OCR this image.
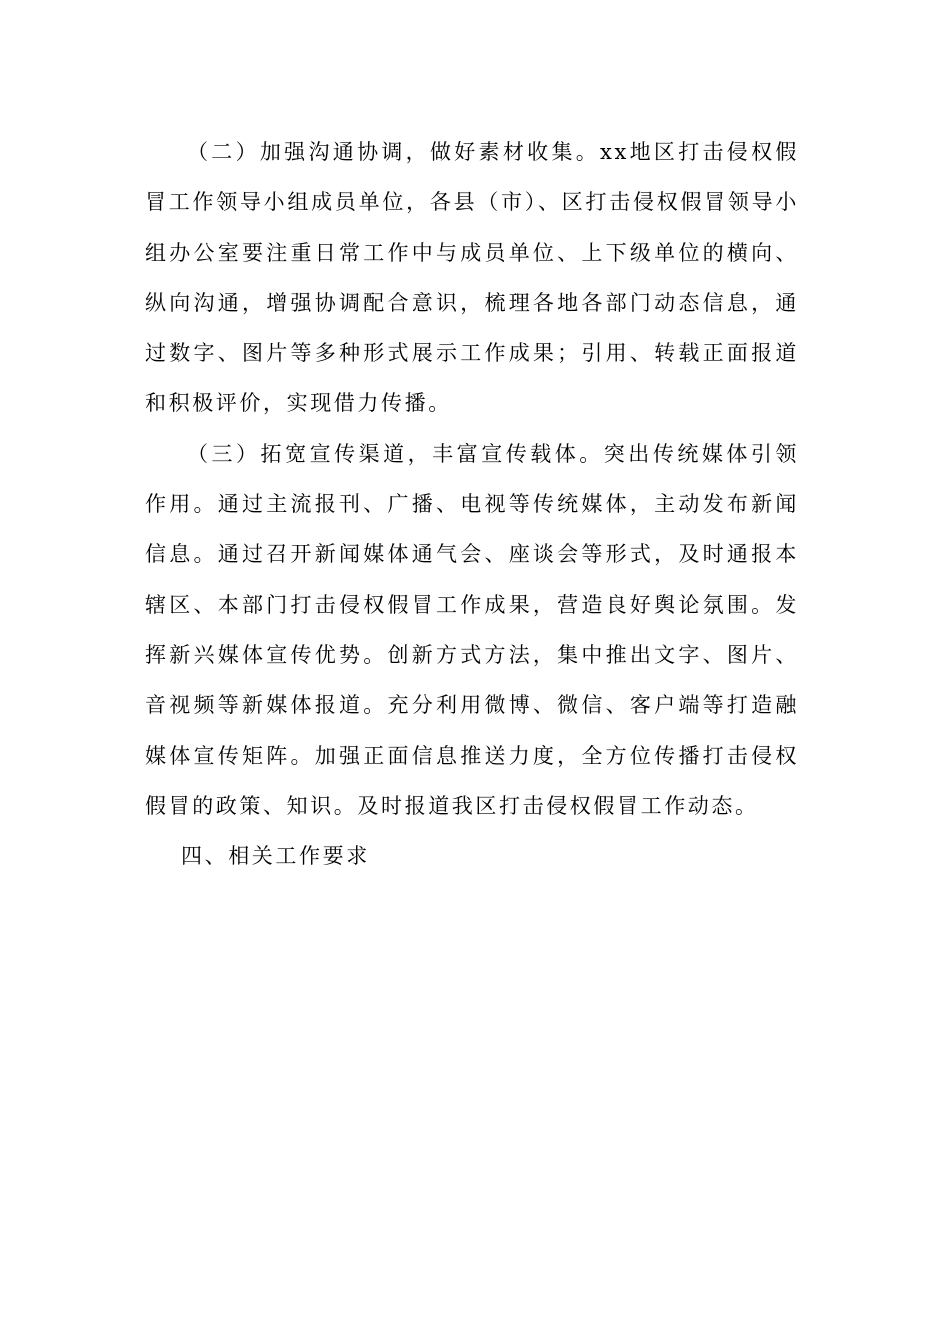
（二）加强沟通协调，做好素材收集。xx地区打击侵权假冒工作领导小组成员单位，各县（市）、区打击侵权假冒领导小组办公室要注重日常工作中与成员单位、上下级单位的横向、纵向沟通，增强协调配合意识，梳理各地各部门动态信息，通过数字、图片等多种形式展示工作成果；引用、转载正面报道和积极评价，实现借力传播。

（三）拓宽宣传渠道，丰富宣传载体。突出传统媒体引领作用。通过主流报刊、广播、电视等传统媒体，主动发布新闻信息。通过召开新闻媒体通气会、座谈会等形式，及时通报本辖区、本部门打击侵权假冒工作成果，营造良好舆论氛围。发挥新兴媒体宣传优势。创新方式方法，集中推出文字、图片、音视频等新媒体报道。充分利用微博、微信、客户端等打造融媒体宣传矩阵。加强正面信息推送力度，全方位传播打击侵权假冒的政策、知识。及时报道我区打击侵权假冒工作动态。

四、相关工作要求
